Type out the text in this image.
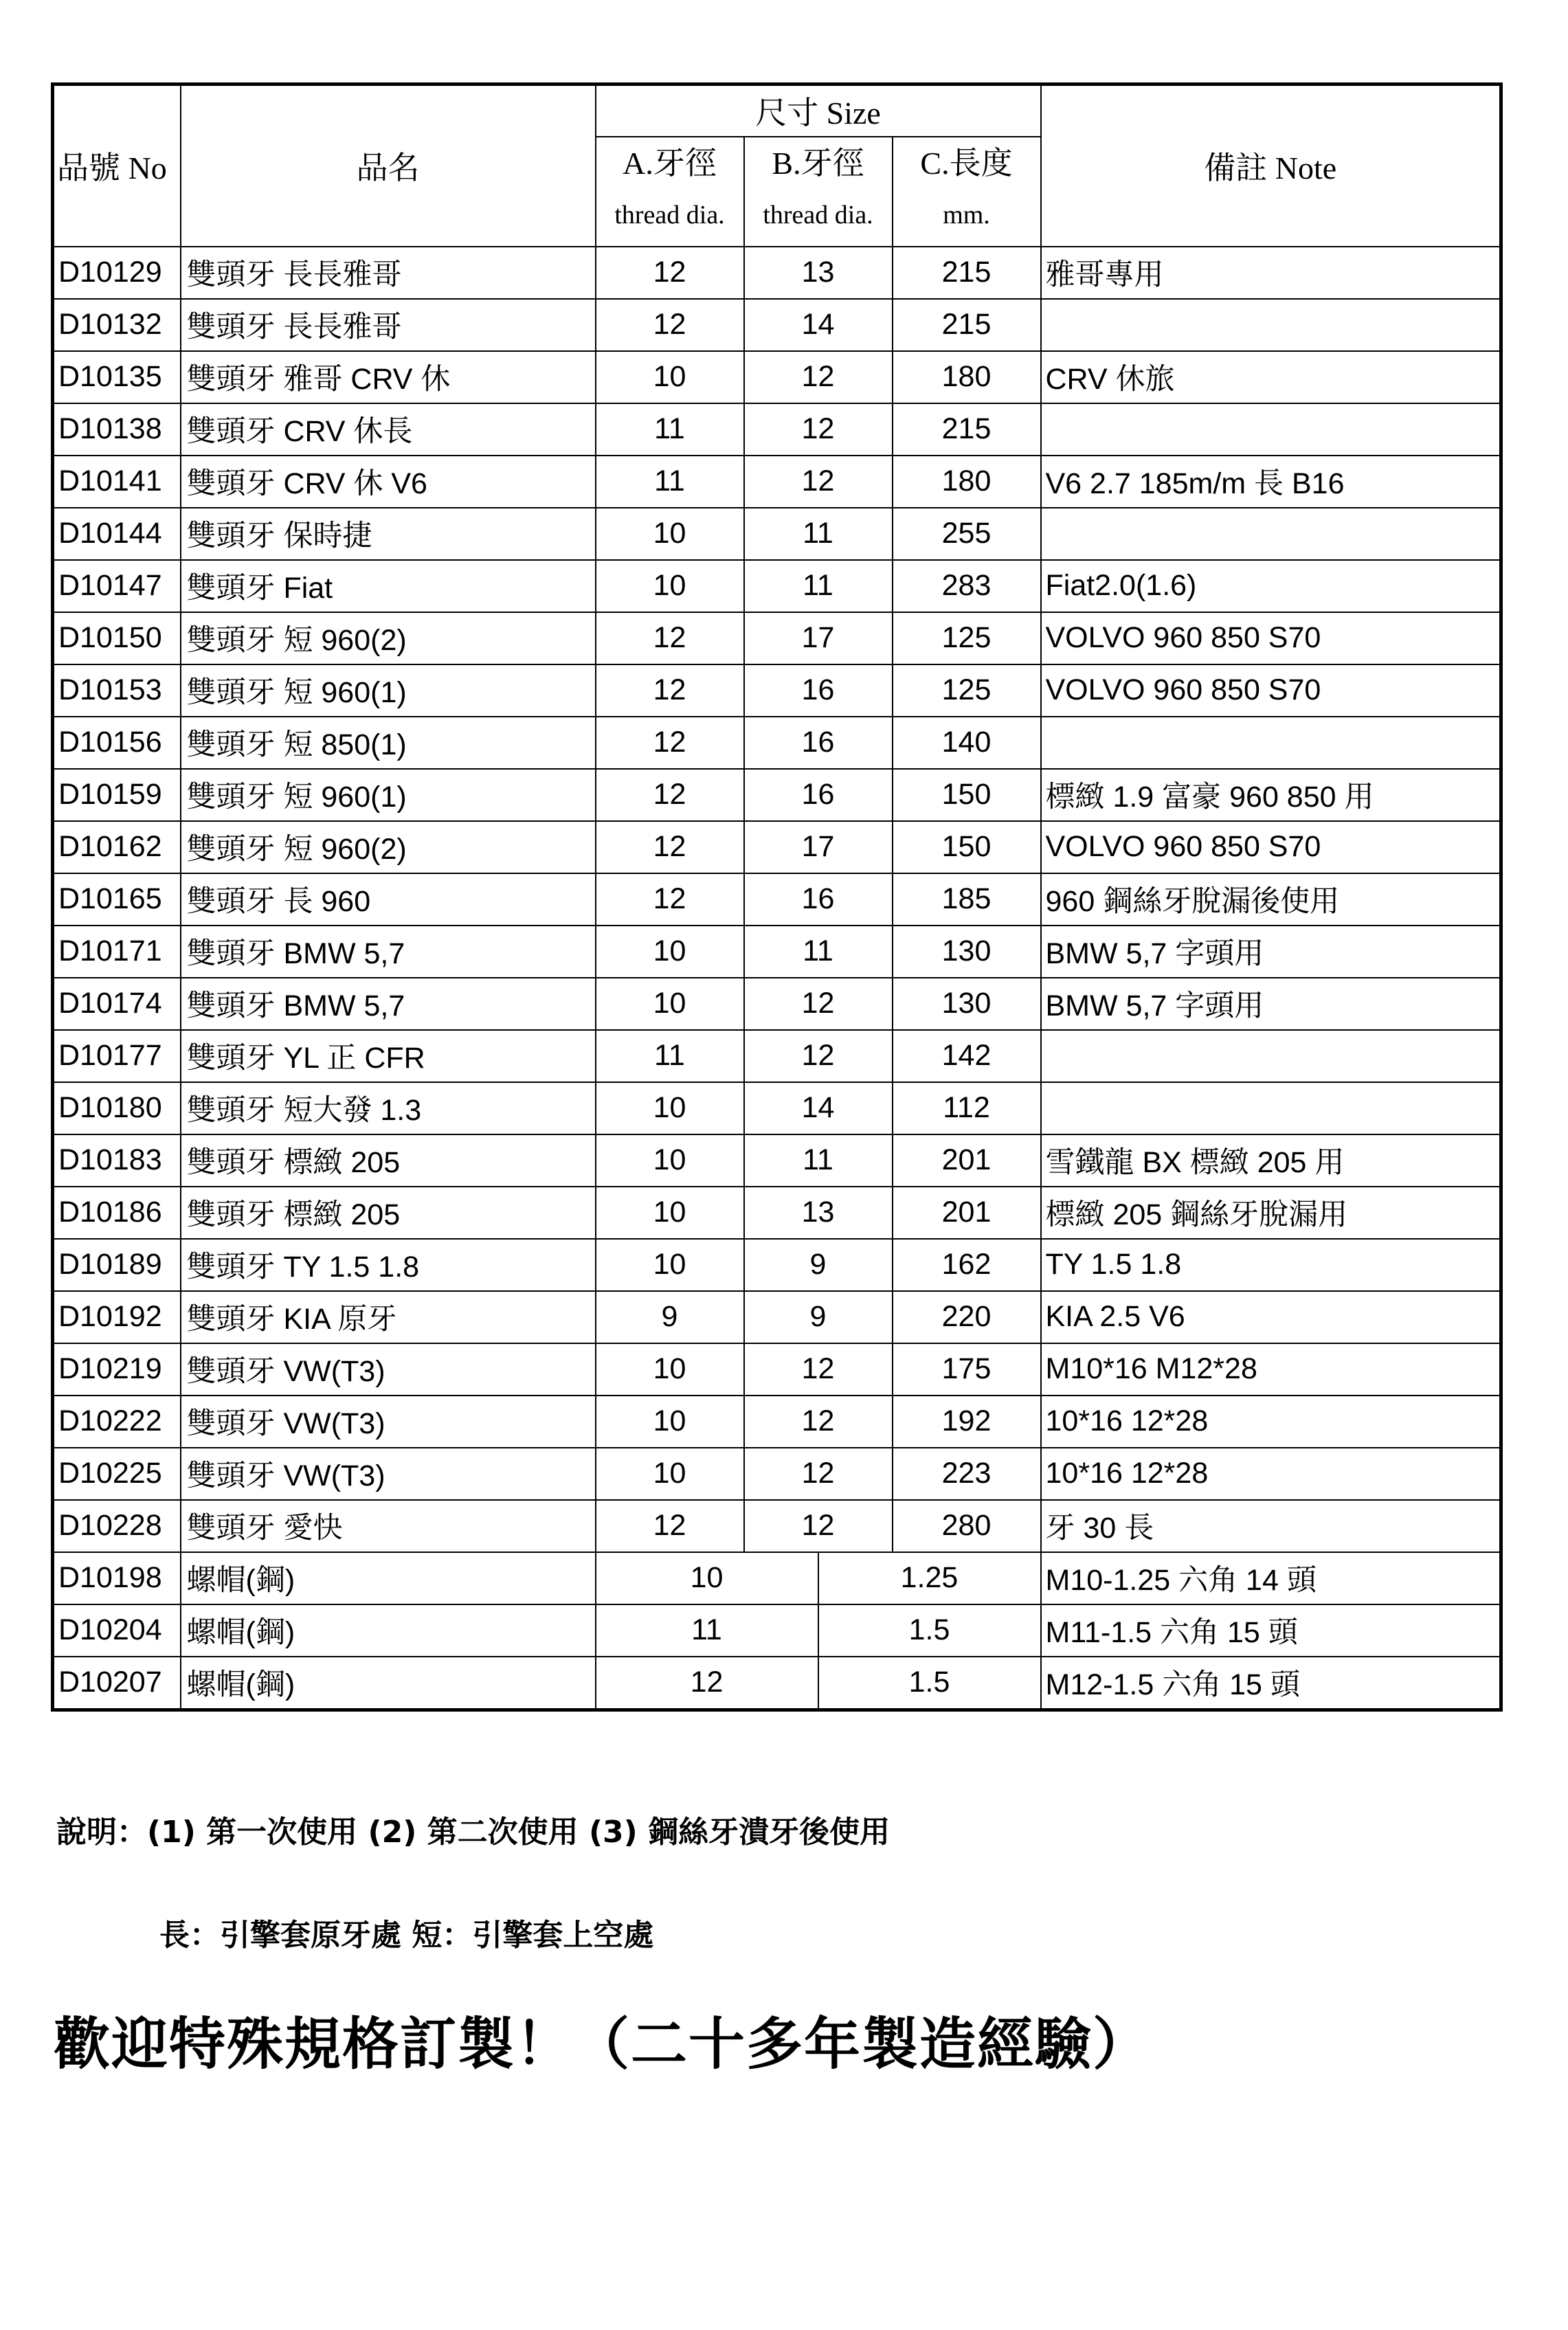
品號 No	品名	尺寸 Size				備註 Note
		A.牙徑	B.牙徑		C.長度	
		thread dia.	thread dia.		mm.	
D10129	雙頭牙 長長雅哥	12	13		215	雅哥專用
D10132	雙頭牙 長長雅哥	12	14		215	
D10135	雙頭牙 雅哥 CRV 休	10	12		180	CRV 休旅
D10138	雙頭牙 CRV 休長	11	12		215	
D10141	雙頭牙 CRV 休 V6	11	12		180	V6 2.7 185m/m 長 B16
D10144	雙頭牙 保時捷	10	11		255	
D10147	雙頭牙 Fiat	10	11		283	Fiat2.0(1.6)
D10150	雙頭牙 短 960(2)	12	17		125	VOLVO 960 850 S70
D10153	雙頭牙 短 960(1)	12	16		125	VOLVO 960 850 S70
D10156	雙頭牙 短 850(1)	12	16		140	
D10159	雙頭牙 短 960(1)	12	16		150	標緻 1.9 富豪 960 850 用
D10162	雙頭牙 短 960(2)	12	17		150	VOLVO 960 850 S70
D10165	雙頭牙 長 960	12	16		185	960 鋼絲牙脫漏後使用
D10171	雙頭牙 BMW 5,7	10	11		130	BMW 5,7 字頭用
D10174	雙頭牙 BMW 5,7	10	12		130	BMW 5,7 字頭用
D10177	雙頭牙 YL 正 CFR	11	12		142	
D10180	雙頭牙 短大發 1.3	10	14		112	
D10183	雙頭牙 標緻 205	10	11		201	雪鐵龍 BX 標緻 205 用
D10186	雙頭牙 標緻 205	10	13		201	標緻 205 鋼絲牙脫漏用
D10189	雙頭牙 TY 1.5 1.8	10	9		162	TY 1.5 1.8
D10192	雙頭牙 KIA 原牙	9	9		220	KIA 2.5 V6
D10219	雙頭牙 VW(T3)	10	12		175	M10*16 M12*28
D10222	雙頭牙 VW(T3)	10	12		192	10*16 12*28
D10225	雙頭牙 VW(T3)	10	12		223	10*16 12*28
D10228	雙頭牙 愛快	12	12		280	牙 30 長
D10198	螺帽(鋼)	10		1.25		M10-1.25 六角 14 頭
D10204	螺帽(鋼)	11		1.5		M11-1.5 六角 15 頭
D10207	螺帽(鋼)	12		1.5		M12-1.5 六角 15 頭
說明：(1) 第一次使用 (2) 第二次使用 (3) 鋼絲牙潰牙後使用
長：引擎套原牙處 短：引擎套上空處
歡迎特殊規格訂製！（二十多年製造經驗）
